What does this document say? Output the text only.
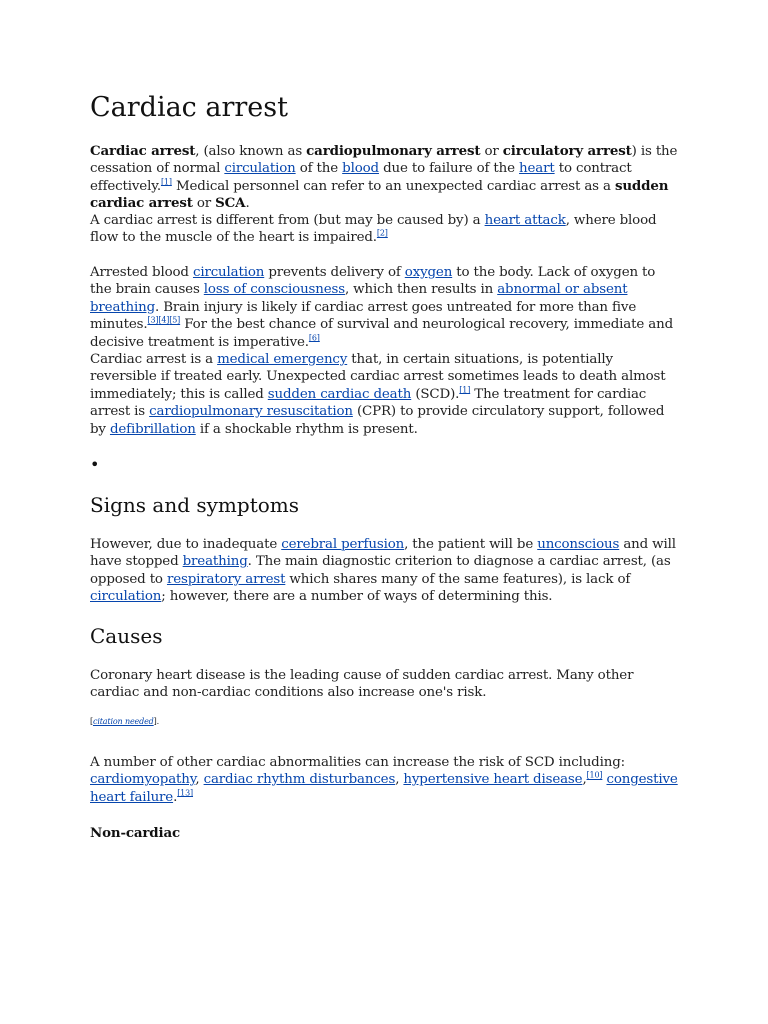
Cardiac arrest

Cardiac arrest, (also known as cardiopulmonary arrest or circulatory arrest) is the cessation of normal circulation of the blood due to failure of the heart to contract effectively.[1] Medical personnel can refer to an unexpected cardiac arrest as a sudden cardiac arrest or SCA.

A cardiac arrest is different from (but may be caused by) a heart attack, where blood flow to the muscle of the heart is impaired.[2]

Arrested blood circulation prevents delivery of oxygen to the body. Lack of oxygen to the brain causes loss of consciousness, which then results in abnormal or absent breathing. Brain injury is likely if cardiac arrest goes untreated for more than five minutes.[3][4][5] For the best chance of survival and neurological recovery, immediate and decisive treatment is imperative.[6]

Cardiac arrest is a medical emergency that, in certain situations, is potentially reversible if treated early. Unexpected cardiac arrest sometimes leads to death almost immediately; this is called sudden cardiac death (SCD).[1] The treatment for cardiac arrest is cardiopulmonary resuscitation (CPR) to provide circulatory support, followed by defibrillation if a shockable rhythm is present.

•
Signs and symptoms

However, due to inadequate cerebral perfusion, the patient will be unconscious and will have stopped breathing. The main diagnostic criterion to diagnose a cardiac arrest, (as opposed to respiratory arrest which shares many of the same features), is lack of circulation; however, there are a number of ways of determining this.

Causes

Coronary heart disease is the leading cause of sudden cardiac arrest. Many other cardiac and non-cardiac conditions also increase one's risk.

[citation needed].

A number of other cardiac abnormalities can increase the risk of SCD including: cardiomyopathy, cardiac rhythm disturbances, hypertensive heart disease,[10] congestive heart failure.[13]

Non-cardiac
